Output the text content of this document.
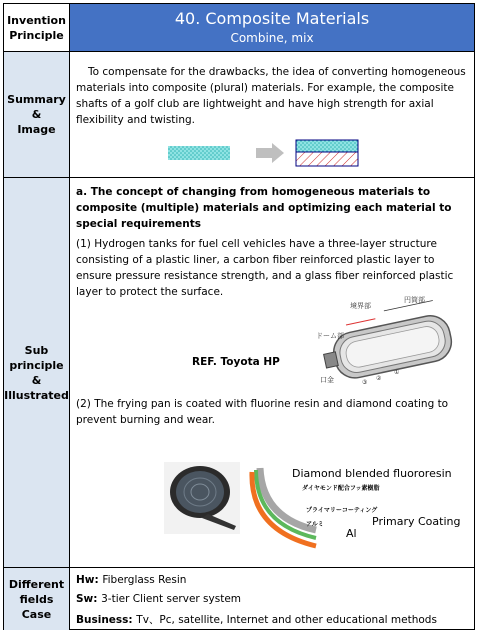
Invention
Principle
40. Composite Materials
Combine, mix
Summary
&
Image
To compensate for the drawbacks, the idea of converting homogeneous materials into composite (plural) materials. For example, the composite shafts of a golf club are lightweight and have high strength for axial flexibility and twisting.
Sub
principle
&
Illustrated
a. The concept of changing from homogeneous materials to composite (multiple) materials and optimizing each material to special requirements
(1) Hydrogen tanks for fuel cell vehicles have a three-layer structure consisting of a plastic liner, a carbon fiber reinforced plastic layer to ensure pressure resistance strength, and a glass fiber reinforced plastic layer to protect the surface.
境界部
円筒部
ドーム部
口金	③
②
①
REF. Toyota HP
(2) The frying pan is coated with fluorine resin and diamond coating to prevent burning and wear.
ダイヤモンド配合フッ素樹脂
プライマリーコーティング
アルミ
Diamond blended fluororesin
Primary Coating
Al
Different
fields
Case
Hw: Fiberglass Resin
Sw: 3-tier Client server system
Business: Tv、Pc, satellite, Internet and other educational methods
